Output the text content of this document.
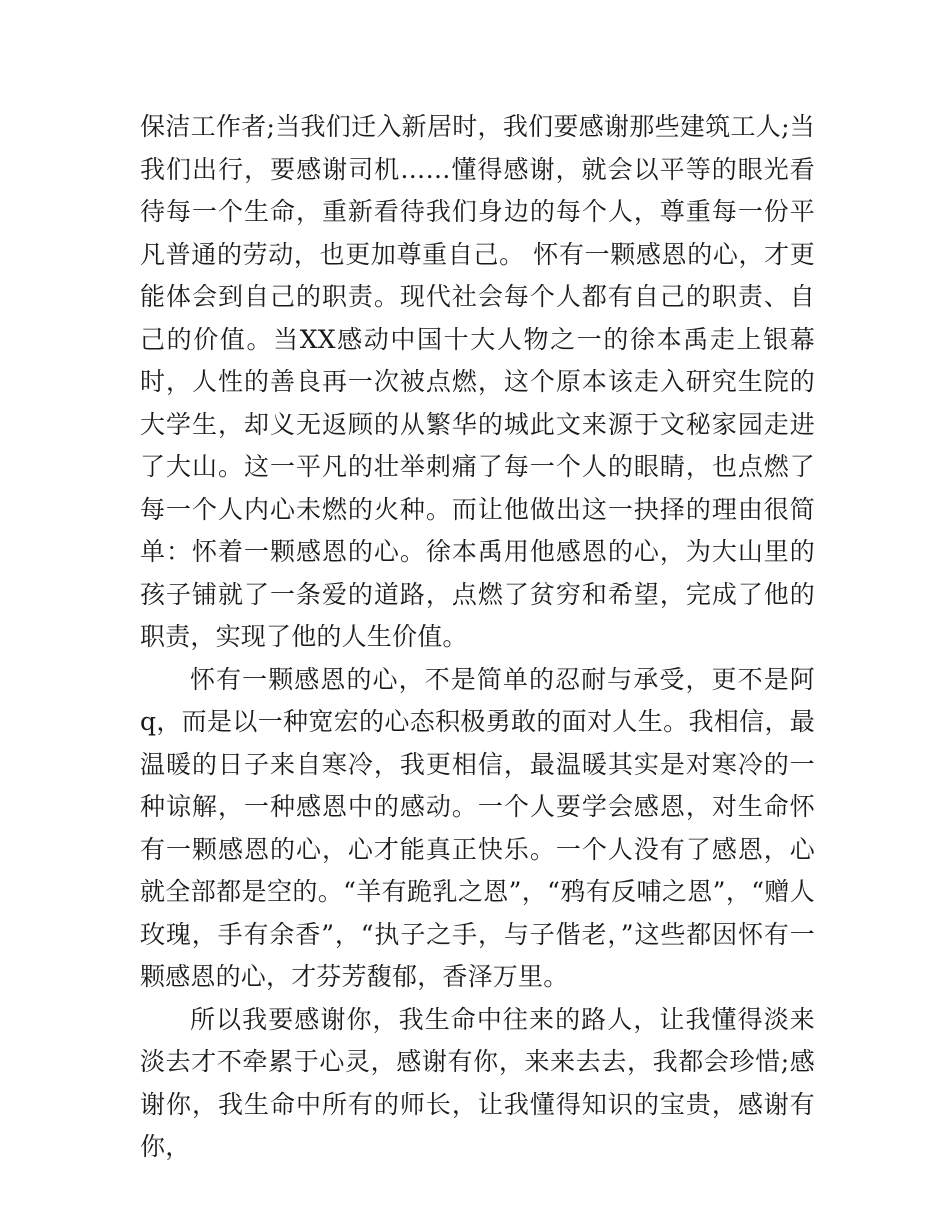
保洁工作者;当我们迁入新居时，我们要感谢那些建筑工人;当我们出行，要感谢司机……懂得感谢，就会以平等的眼光看待每一个生命，重新看待我们身边的每个人，尊重每一份平凡普通的劳动，也更加尊重自己。 怀有一颗感恩的心，才更能体会到自己的职责。现代社会每个人都有自己的职责、自己的价值。当XX感动中国十大人物之一的徐本禹走上银幕时，人性的善良再一次被点燃，这个原本该走入研究生院的大学生，却义无返顾的从繁华的城此文来源于文秘家园走进了大山。这一平凡的壮举刺痛了每一个人的眼睛，也点燃了每一个人内心未燃的火种。而让他做出这一抉择的理由很简单：怀着一颗感恩的心。徐本禹用他感恩的心，为大山里的孩子铺就了一条爱的道路，点燃了贫穷和希望，完成了他的职责，实现了他的人生价值。

怀有一颗感恩的心，不是简单的忍耐与承受，更不是阿q，而是以一种宽宏的心态积极勇敢的面对人生。我相信，最温暖的日子来自寒冷，我更相信，最温暖其实是对寒冷的一种谅解，一种感恩中的感动。一个人要学会感恩，对生命怀有一颗感恩的心，心才能真正快乐。一个人没有了感恩，心就全部都是空的。“羊有跪乳之恩”，“鸦有反哺之恩”，“赠人玫瑰，手有余香”，“执子之手，与子偕老，”这些都因怀有一颗感恩的心，才芬芳馥郁，香泽万里。

所以我要感谢你，我生命中往来的路人，让我懂得淡来淡去才不牵累于心灵，感谢有你，来来去去，我都会珍惜;感谢你，我生命中所有的师长，让我懂得知识的宝贵，感谢有你，
